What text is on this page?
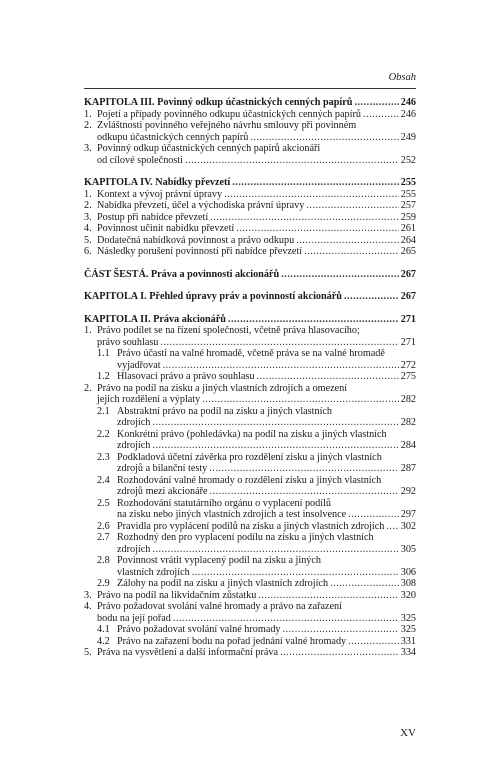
Obsah
KAPITOLA III. Povinný odkup účastnických cenných papírů .....	246
1. Pojetí a případy povinného odkupu účastnických cenných papírů .....	246
2. Zvláštnosti povinného veřejného návrhu smlouvy při povinném
odkupu účastnických cenných papírů .....	249
3. Povinný odkup účastnických cenných papírů akcionáři
od cílové společnosti .....	252
KAPITOLA IV. Nabídky převzetí .....	255
1. Kontext a vývoj právní úpravy .....	255
2. Nabídka převzetí, účel a východiska právní úpravy .....	257
3. Postup při nabídce převzetí .....	259
4. Povinnost učinit nabídku převzetí .....	261
5. Dodatečná nabídková povinnost a právo odkupu .....	264
6. Následky porušení povinností při nabídce převzetí .....	265
ČÁST ŠESTÁ. Práva a povinnosti akcionářů .....	267
KAPITOLA I. Přehled úpravy práv a povinností akcionářů .....	267
KAPITOLA II. Práva akcionářů .....	271
1. Právo podílet se na řízení společnosti, včetně práva hlasovacího;
právo souhlasu .....	271
1.1 Právo účasti na valné hromadě, včetně práva se na valné hromadě
vyjadřovat .....	272
1.2 Hlasovací právo a právo souhlasu .....	275
2. Právo na podíl na zisku a jiných vlastních zdrojích a omezení
jejich rozdělení a výplaty .....	282
2.1 Abstraktní právo na podíl na zisku a jiných vlastních
zdrojích .....	282
2.2 Konkrétní právo (pohledávka) na podíl na zisku a jiných vlastních
zdrojích .....	284
2.3 Podkladová účetní závěrka pro rozdělení zisku a jiných vlastních
zdrojů a bilanční testy .....	287
2.4 Rozhodování valné hromady o rozdělení zisku a jiných vlastních
zdrojů mezi akcionáře .....	292
2.5 Rozhodování statutárního orgánu o vyplacení podílů
na zisku nebo jiných vlastních zdrojích a test insolvence .....	297
2.6 Pravidla pro vyplácení podílů na zisku a jiných vlastních zdrojích ..... 302
2.7 Rozhodný den pro vyplacení podílu na zisku a jiných vlastních
zdrojích .....	305
2.8 Povinnost vrátit vyplacený podíl na zisku a jiných
vlastních zdrojích .....	306
2.9 Zálohy na podíl na zisku a jiných vlastních zdrojích .....	308
3. Právo na podíl na likvidačním zůstatku .....	320
4. Právo požadovat svolání valné hromady a právo na zařazení
bodu na její pořad .....	325
4.1 Právo požadovat svolání valné hromady .....	325
4.2 Právo na zařazení bodu na pořad jednání valné hromady .....	331
5. Práva na vysvětlení a další informační práva .....	334
XV
